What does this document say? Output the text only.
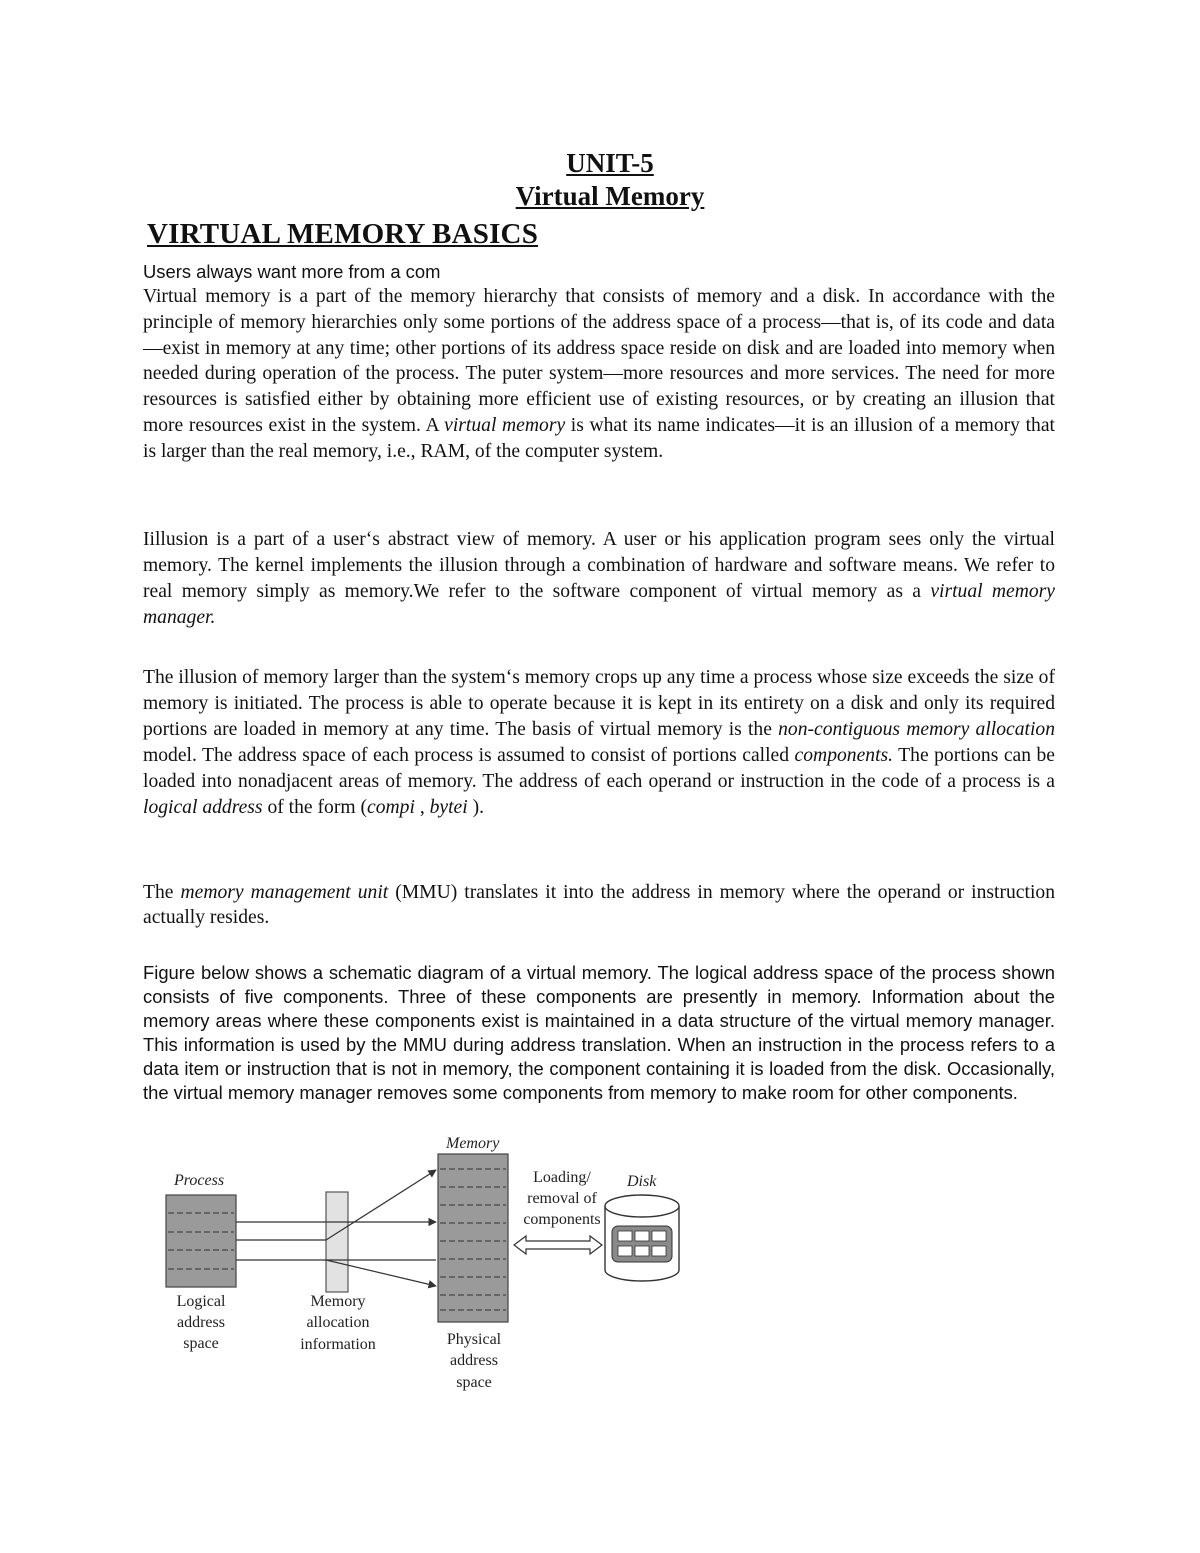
UNIT-5
Virtual Memory
VIRTUAL MEMORY BASICS

Users always want more from a com

Virtual memory is a part of the memory hierarchy that consists of memory and a disk. In accordance with the principle of memory hierarchies only some portions of the address space of a process—that is, of its code and data—exist in memory at any time; other portions of its address space reside on disk and are loaded into memory when needed during operation of the process. The puter system—more resources and more services. The need for more resources is satisfied either by obtaining more efficient use of existing resources, or by creating an illusion that more resources exist in the system. A virtual memory is what its name indicates—it is an illusion of a memory that is larger than the real memory, i.e., RAM, of the computer system.

Iillusion is a part of a user‘s abstract view of memory. A user or his application program sees only the virtual memory. The kernel implements the illusion through a combination of hardware and software means. We refer to real memory simply as memory.We refer to the software component of virtual memory as a virtual memory manager.

The illusion of memory larger than the system‘s memory crops up any time a process whose size exceeds the size of memory is initiated. The process is able to operate because it is kept in its entirety on a disk and only its required portions are loaded in memory at any time. The basis of virtual memory is the non-contiguous memory allocation model. The address space of each process is assumed to consist of portions called components. The portions can be loaded into nonadjacent areas of memory. The address of each operand or instruction in the code of a process is a logical address of the form (compi , bytei ).

The memory management unit (MMU) translates it into the address in memory where the operand or instruction actually resides.

Figure below shows a schematic diagram of a virtual memory. The logical address space of the process shown consists of five components. Three of these components are presently in memory. Information about the memory areas where these components exist is maintained in a data structure of the virtual memory manager. This information is used by the MMU during address translation. When an instruction in the process refers to a data item or instruction that is not in memory, the component containing it is loaded from the disk. Occasionally, the virtual memory manager removes some components from memory to make room for other components.

Process
Logical
address
space
Memory
allocation
information
Memory
Physical
address
space
Loading/
removal of
components
Disk
